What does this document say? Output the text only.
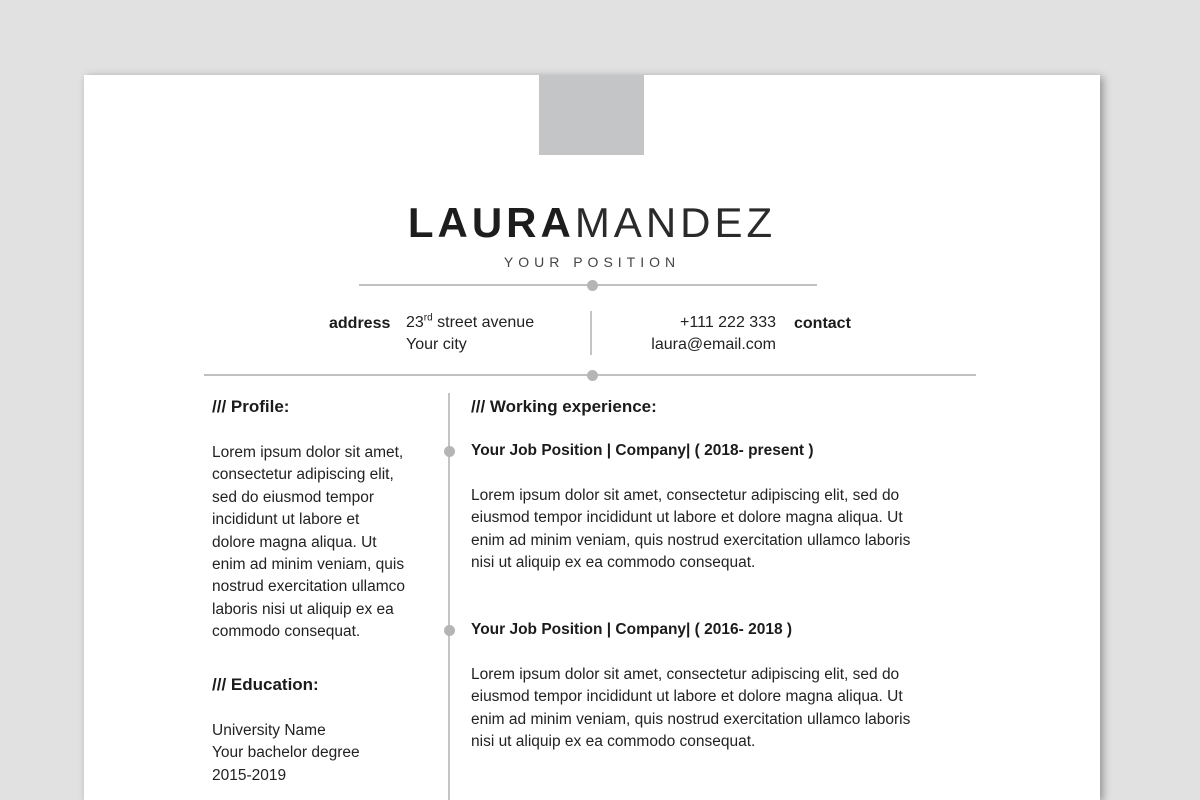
LAURAMANDEZ
YOUR POSITION
address 23rd street avenue
Your city
+111 222 333
laura@email.com
contact
/// Profile:
Lorem ipsum dolor sit amet,
consectetur adipiscing elit,
sed do eiusmod tempor
incididunt ut labore et
dolore magna aliqua. Ut
enim ad minim veniam, quis
nostrud exercitation ullamco
laboris nisi ut aliquip ex ea
commodo consequat.
/// Education:
University Name
Your bachelor degree
2015-2019
/// Working experience:
Your Job Position | Company| ( 2018- present )
Lorem ipsum dolor sit amet, consectetur adipiscing elit, sed do
eiusmod tempor incididunt ut labore et dolore magna aliqua. Ut
enim ad minim veniam, quis nostrud exercitation ullamco laboris
nisi ut aliquip ex ea commodo consequat.
Your Job Position | Company| ( 2016- 2018 )
Lorem ipsum dolor sit amet, consectetur adipiscing elit, sed do
eiusmod tempor incididunt ut labore et dolore magna aliqua. Ut
enim ad minim veniam, quis nostrud exercitation ullamco laboris
nisi ut aliquip ex ea commodo consequat.
